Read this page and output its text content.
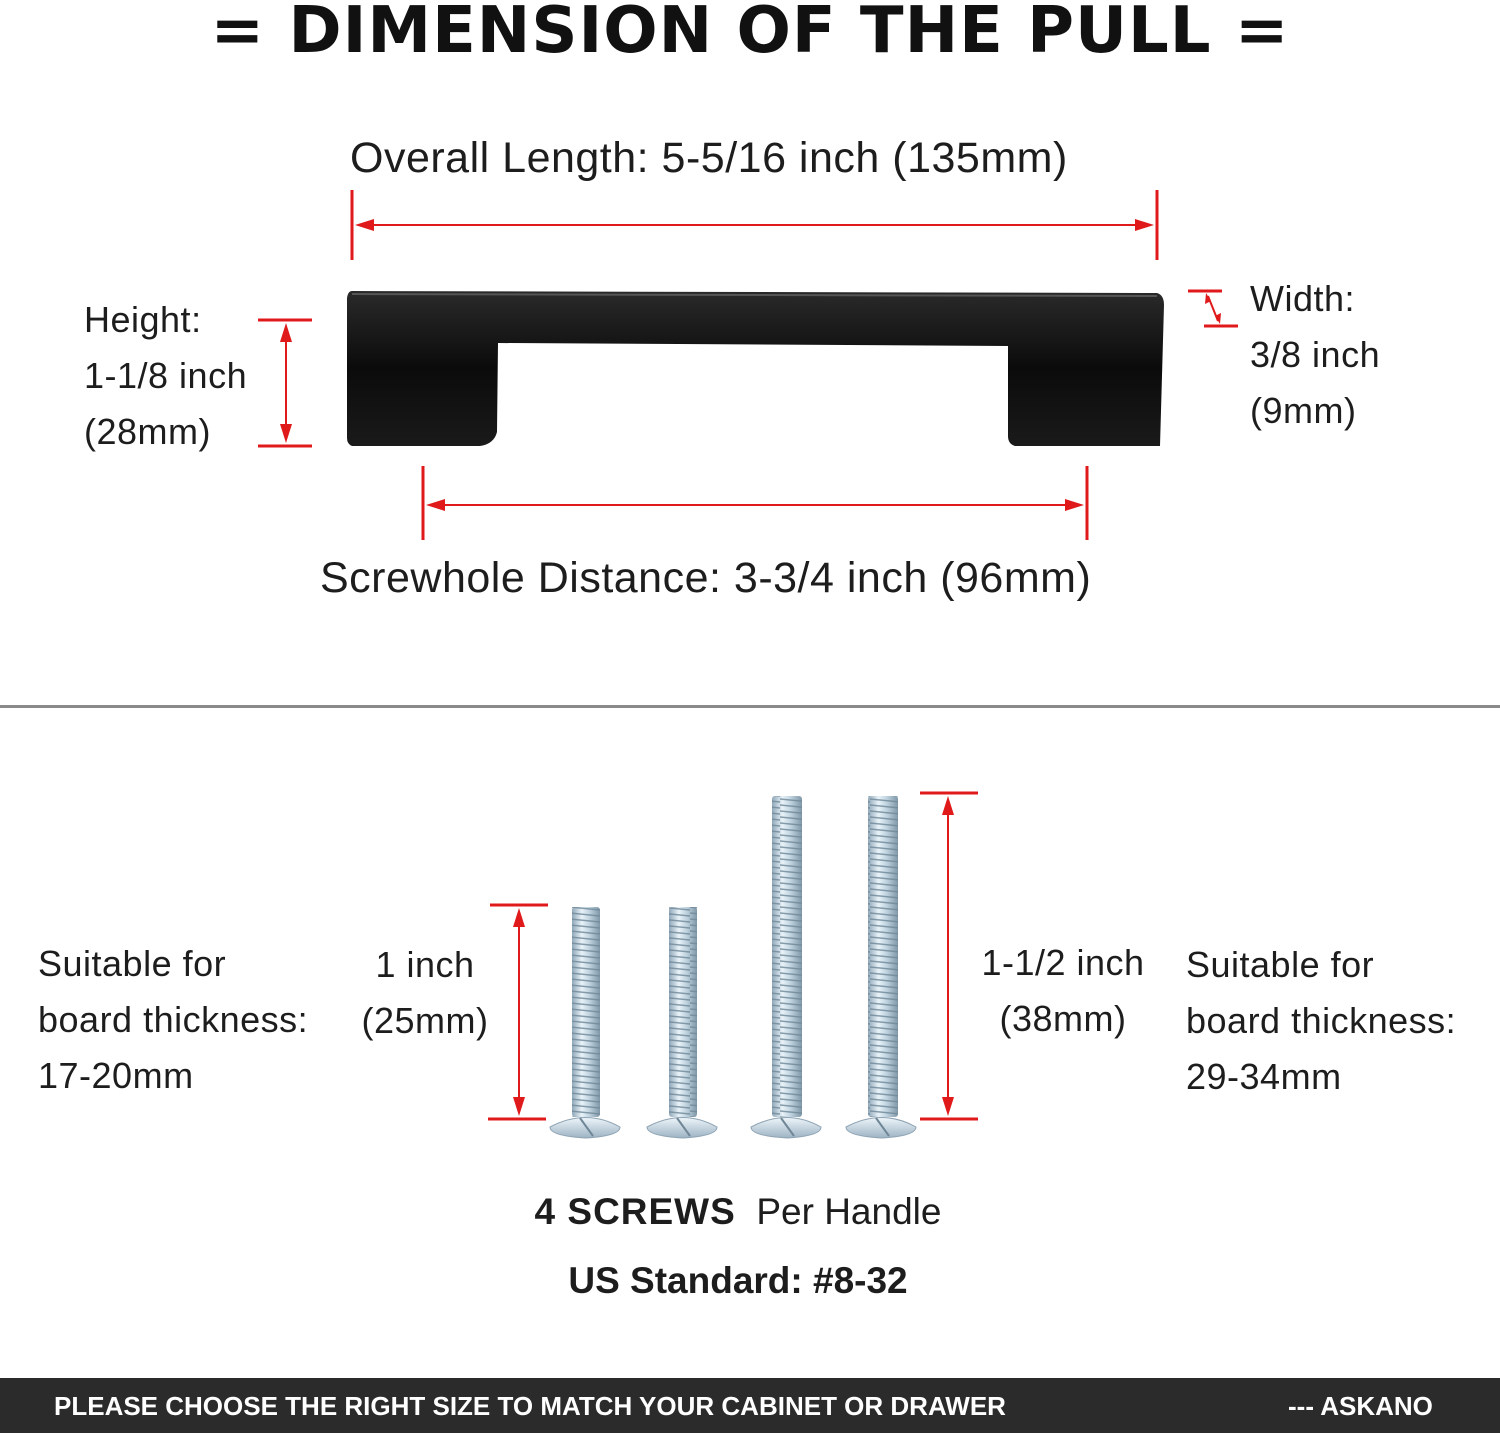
= DIMENSION OF THE PULL =
Overall Length: 5-5/16 inch (135mm)
Height:
1-1/8 inch
(28mm)
Width:
3/8 inch
(9mm)
Screwhole Distance: 3-3/4 inch (96mm)
Suitable for
board thickness:
17-20mm
1 inch
(25mm)
1-1/2 inch
(38mm)
Suitable for
board thickness:
29-34mm
4 SCREWS Per Handle
US Standard: #8-32
PLEASE CHOOSE THE RIGHT SIZE TO MATCH YOUR CABINET OR DRAWER	--- ASKANO
